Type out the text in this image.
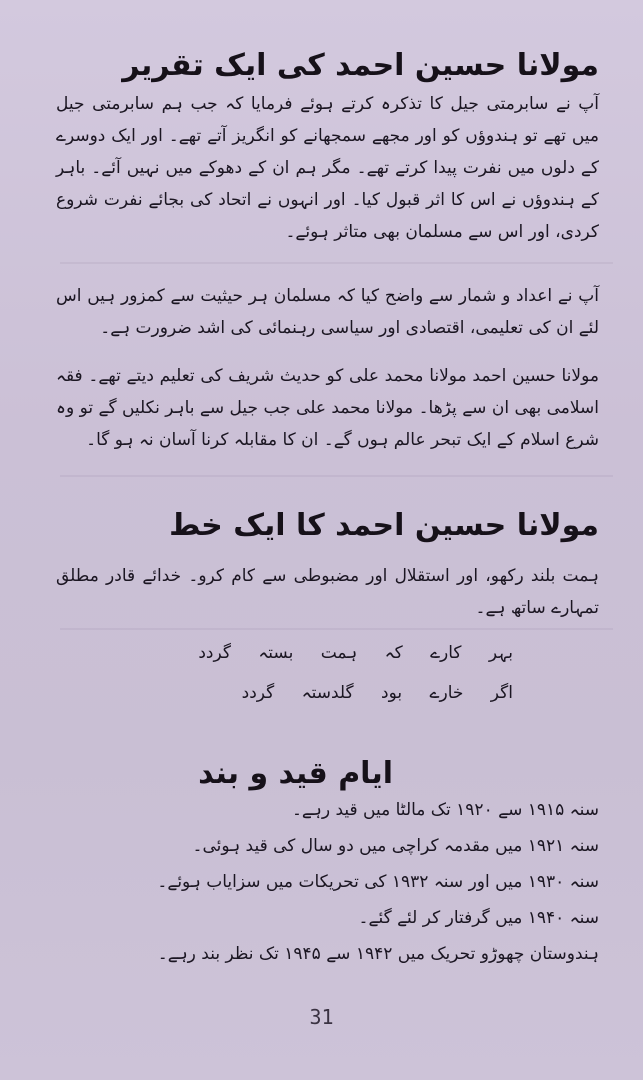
مولانا حسین احمد کی ایک تقریر

آپ نے سابرمتی جیل کا تذکرہ کرتے ہوئے فرمایا کہ جب ہم سابرمتی جیل میں تھے تو ہندوؤں کو اور مجھے سمجھانے کو انگریز آتے تھے۔ اور ایک دوسرے کے دلوں میں نفرت پیدا کرتے تھے۔ مگر ہم ان کے دھوکے میں نہیں آئے۔ باہر کے ہندوؤں نے اس کا اثر قبول کیا۔ اور انہوں نے اتحاد کی بجائے نفرت شروع کردی، اور اس سے مسلمان بھی متاثر ہوئے۔

آپ نے اعداد و شمار سے واضح کیا کہ مسلمان ہر حیثیت سے کمزور ہیں اس لئے ان کی تعلیمی، اقتصادی اور سیاسی رہنمائی کی اشد ضرورت ہے۔

مولانا حسین احمد مولانا محمد علی کو حدیث شریف کی تعلیم دیتے تھے۔ فقہ اسلامی بھی ان سے پڑھا۔ مولانا محمد علی جب جیل سے باہر نکلیں گے تو وہ شرع اسلام کے ایک تبحر عالم ہوں گے۔ ان کا مقابلہ کرنا آسان نہ ہو گا۔

مولانا حسین احمد کا ایک خط

ہمت بلند رکھو، اور استقلال اور مضبوطی سے کام کرو۔ خدائے قادر مطلق تمہارے ساتھ ہے۔

بہر کارے کہ ہمت بستہ گردد
اگر خارے بود گلدستہ گردد
ایام قید و بند
سنہ ۱۹۱۵ سے ۱۹۲۰ تک مالٹا میں قید رہے۔
سنہ ۱۹۲۱ میں مقدمہ کراچی میں دو سال کی قید ہوئی۔
سنہ ۱۹۳۰ میں اور سنہ ۱۹۳۲ کی تحریکات میں سزایاب ہوئے۔
سنہ ۱۹۴۰ میں گرفتار کر لئے گئے۔
ہندوستان چھوڑو تحریک میں ۱۹۴۲ سے ۱۹۴۵ تک نظر بند رہے۔
31
